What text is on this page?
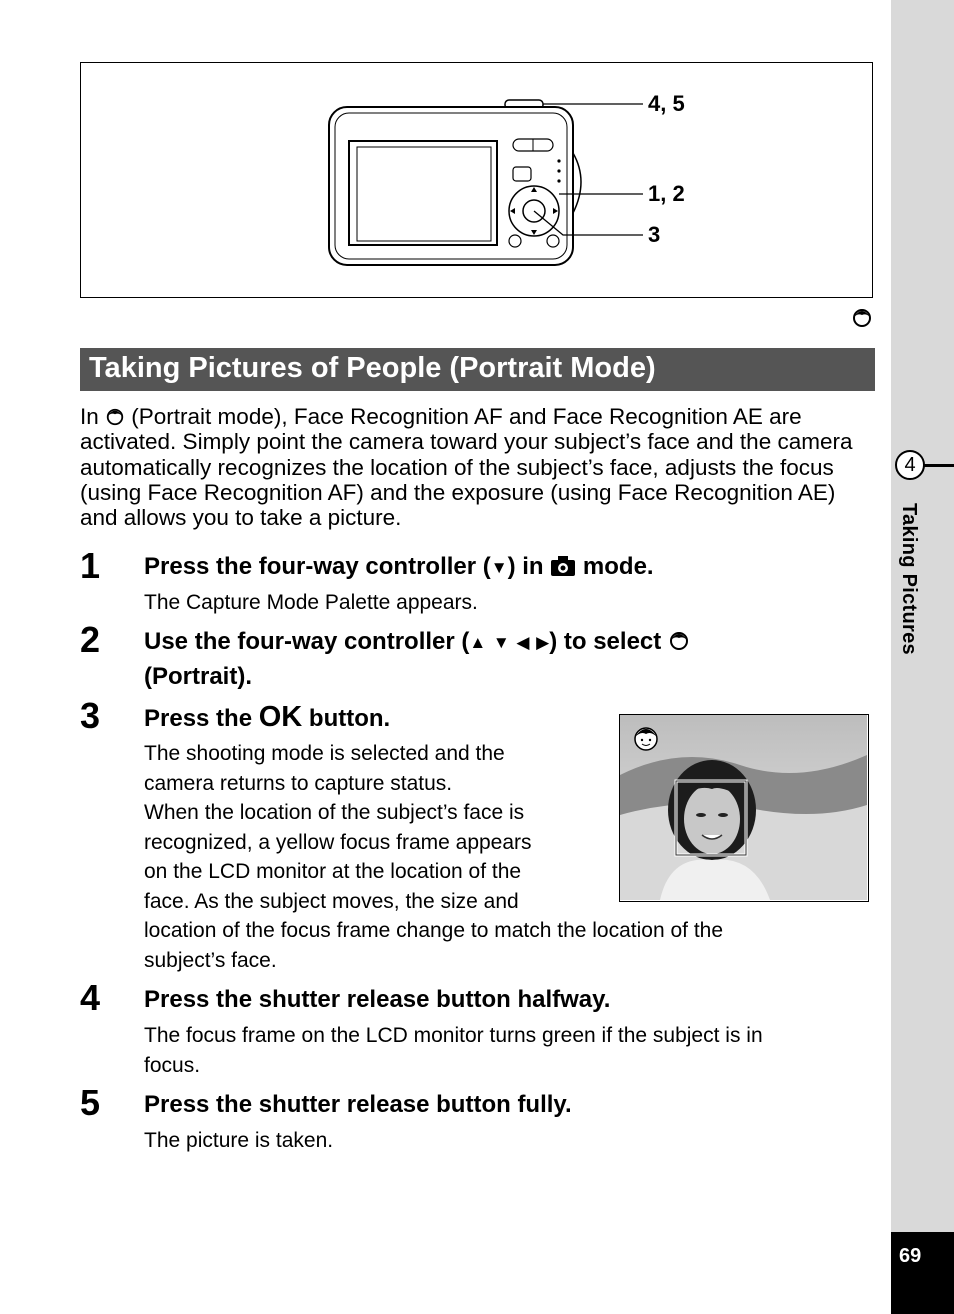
4
Taking Pictures
69
4, 5
1, 2
3
Taking Pictures of People (Portrait Mode)
In (Portrait mode), Face Recognition AF and Face Recognition AE are activated. Simply point the camera toward your subject’s face and the camera automatically recognizes the location of the subject’s face, adjusts the focus (using Face Recognition AF) and the exposure (using Face Recognition AE) and allows you to take a picture.
1 Press the four-way controller (▼) in mode.
The Capture Mode Palette appears.
2 Use the four-way controller (▲ ▼ ◀ ▶) to select
(Portrait).
3 Press the OK button.
The shooting mode is selected and the
camera returns to capture status.
When the location of the subject’s face is
recognized, a yellow focus frame appears
on the LCD monitor at the location of the
face. As the subject moves, the size and
location of the focus frame change to match the location of the
subject’s face.
4 Press the shutter release button halfway.
The focus frame on the LCD monitor turns green if the subject is in
focus.
5 Press the shutter release button fully.
The picture is taken.
